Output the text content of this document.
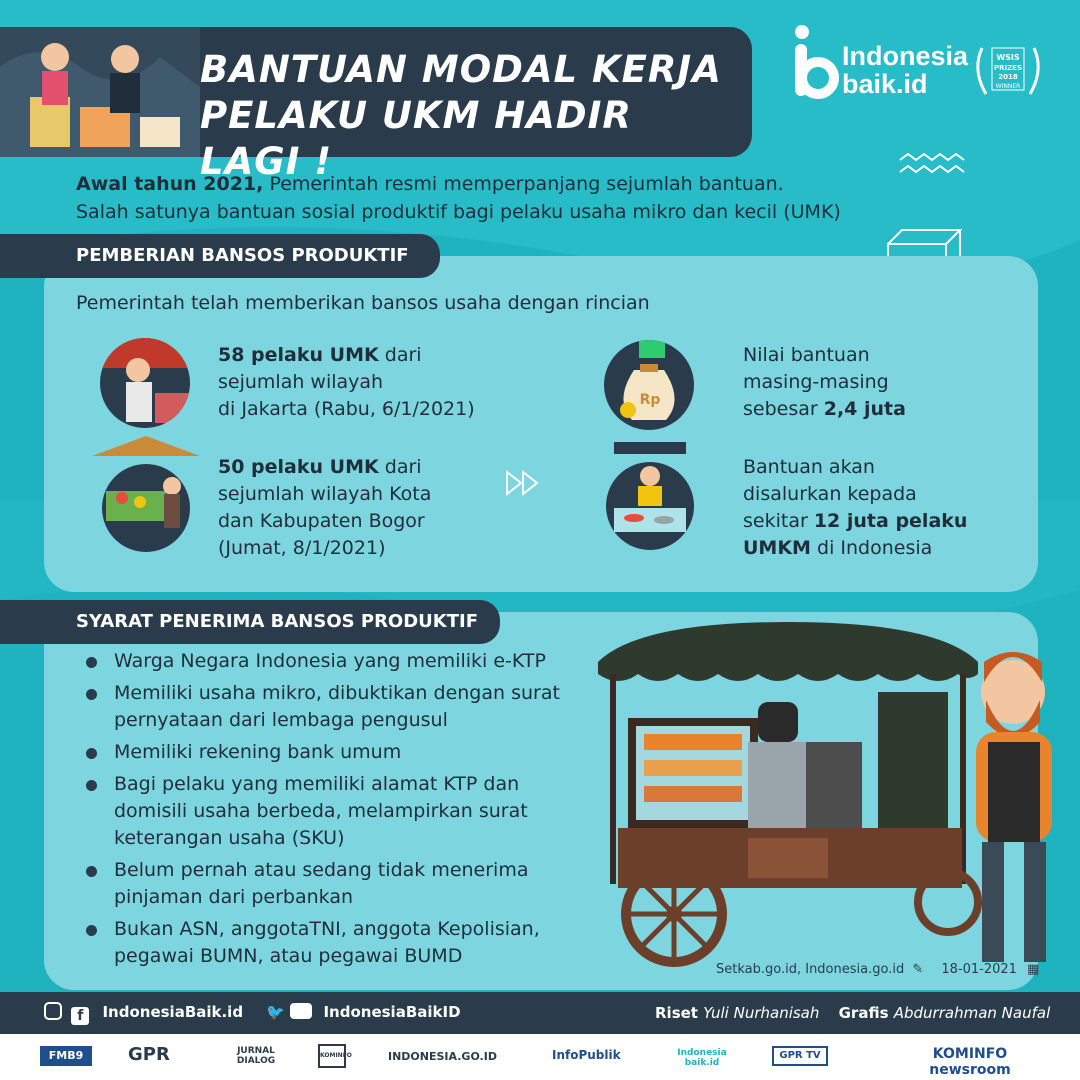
BANTUAN MODAL KERJA
PELAKU UKM HADIR LAGI !
Indonesia
baik.id
WSIS
PRIZES
2018
WINNER
Awal tahun 2021, Pemerintah resmi memperpanjang sejumlah bantuan.
Salah satunya bantuan sosial produktif bagi pelaku usaha mikro dan kecil (UMK)
PEMBERIAN BANSOS PRODUKTIF
Pemerintah telah memberikan bansos usaha dengan rincian
58 pelaku UMK dari
sejumlah wilayah
di Jakarta (Rabu, 6/1/2021)
50 pelaku UMK dari
sejumlah wilayah Kota
dan Kabupaten Bogor
(Jumat, 8/1/2021)
Rp
Nilai bantuan
masing-masing
sebesar 2,4 juta
Bantuan akan
disalurkan kepada
sekitar 12 juta pelaku
UMKM di Indonesia
SYARAT PENERIMA BANSOS PRODUKTIF
Warga Negara Indonesia yang memiliki e-KTP
Memiliki usaha mikro, dibuktikan dengan surat pernyataan dari lembaga pengusul
Memiliki rekening bank umum
Bagi pelaku yang memiliki alamat KTP dan domisili usaha berbeda, melampirkan surat keterangan usaha (SKU)
Belum pernah atau sedang tidak menerima pinjaman dari perbankan
Bukan ASN, anggotaTNI, anggota Kepolisian, pegawai BUMN, atau pegawai BUMD
Setkab.go.id, Indonesia.go.id ✎ 18-01-2021 ▦
f IndonesiaBaik.id 🐦	IndonesiaBaikID	Riset Yuli Nurhanisah Grafis Abdurrahman Naufal
FMB9	GPR	JURNAL DIALOG
KOMINFO	INDONESIA.GO.ID	InfoPublik	Indonesia baik.id
GPR TV	KOMINFO newsroom
